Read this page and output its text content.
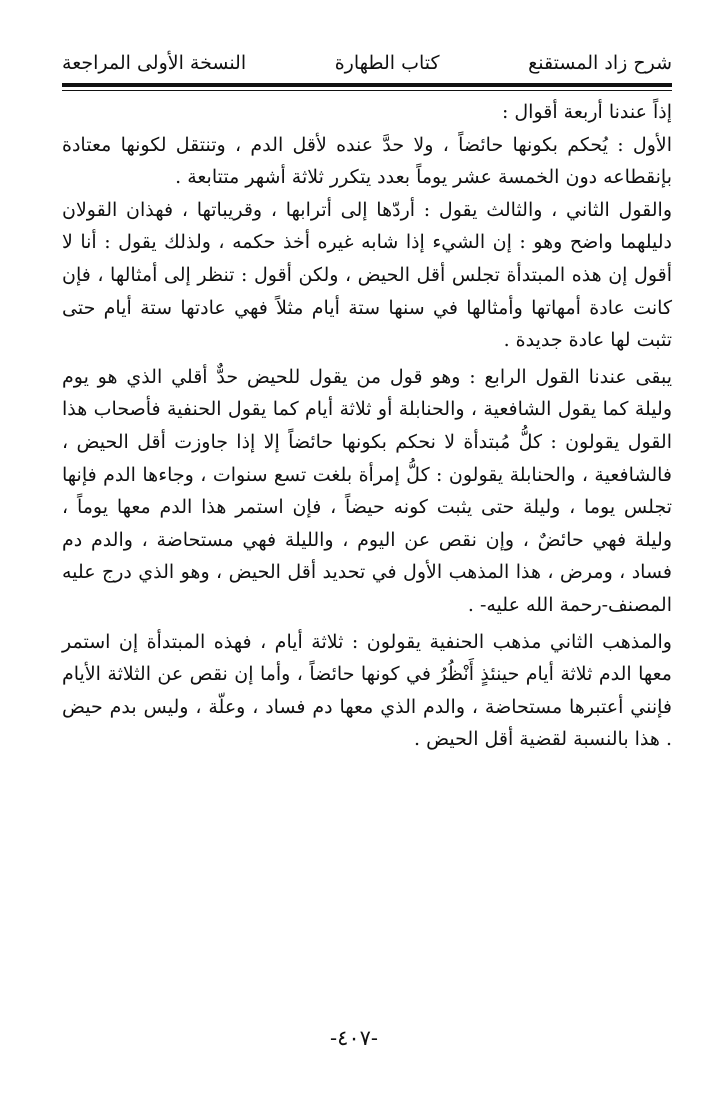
شرح زاد المستقنع
كتاب الطهارة
النسخة الأولى المراجعة

إذاً عندنا أربعة أقوال :

الأول : يُحكم بكونها حائضاً ، ولا حدَّ عنده لأقل الدم ، وتنتقل لكونها معتادة بإنقطاعه دون الخمسة عشر يوماً بعدد يتكرر ثلاثة أشهر متتابعة .

والقول الثاني ، والثالث يقول : أردّها إلى أترابها ، وقريباتها ، فهذان القولان دليلهما واضح وهو : إن الشيء إذا شابه غيره أخذ حكمه ، ولذلك يقول : أنا لا أقول إن هذه المبتدأة تجلس أقل الحيض ، ولكن أقول : تنظر إلى أمثالها ، فإن كانت عادة أمهاتها وأمثالها في سنها ستة أيام مثلاً فهي عادتها ستة أيام حتى تثبت لها عادة جديدة .

يبقى عندنا القول الرابع : وهو قول من يقول للحيض حدٌّ أقلي الذي هو يوم وليلة كما يقول الشافعية ، والحنابلة أو ثلاثة أيام كما يقول الحنفية فأصحاب هذا القول يقولون : كلُّ مُبتدأة لا نحكم بكونها حائضاً إلا إذا جاوزت أقل الحيض ، فالشافعية ، والحنابلة يقولون : كلُّ إمرأة بلغت تسع سنوات ، وجاءها الدم فإنها تجلس يوما ، وليلة حتى يثبت كونه حيضاً ، فإن استمر هذا الدم معها يوماً ، وليلة فهي حائضٌ ، وإن نقص عن اليوم ، والليلة فهي مستحاضة ، والدم دم فساد ، ومرض ، هذا المذهب الأول في تحديد أقل الحيض ، وهو الذي درج عليه المصنف-رحمة الله عليه- .

والمذهب الثاني مذهب الحنفية يقولون : ثلاثة أيام ، فهذه المبتدأة إن استمر معها الدم ثلاثة أيام حينئذٍ أَنْظُرُ في كونها حائضاً ، وأما إن نقص عن الثلاثة الأيام فإنني أعتبرها مستحاضة ، والدم الذي معها دم فساد ، وعلّة ، وليس بدم حيض . هذا بالنسبة لقضية أقل الحيض .

-٤٠٧-
